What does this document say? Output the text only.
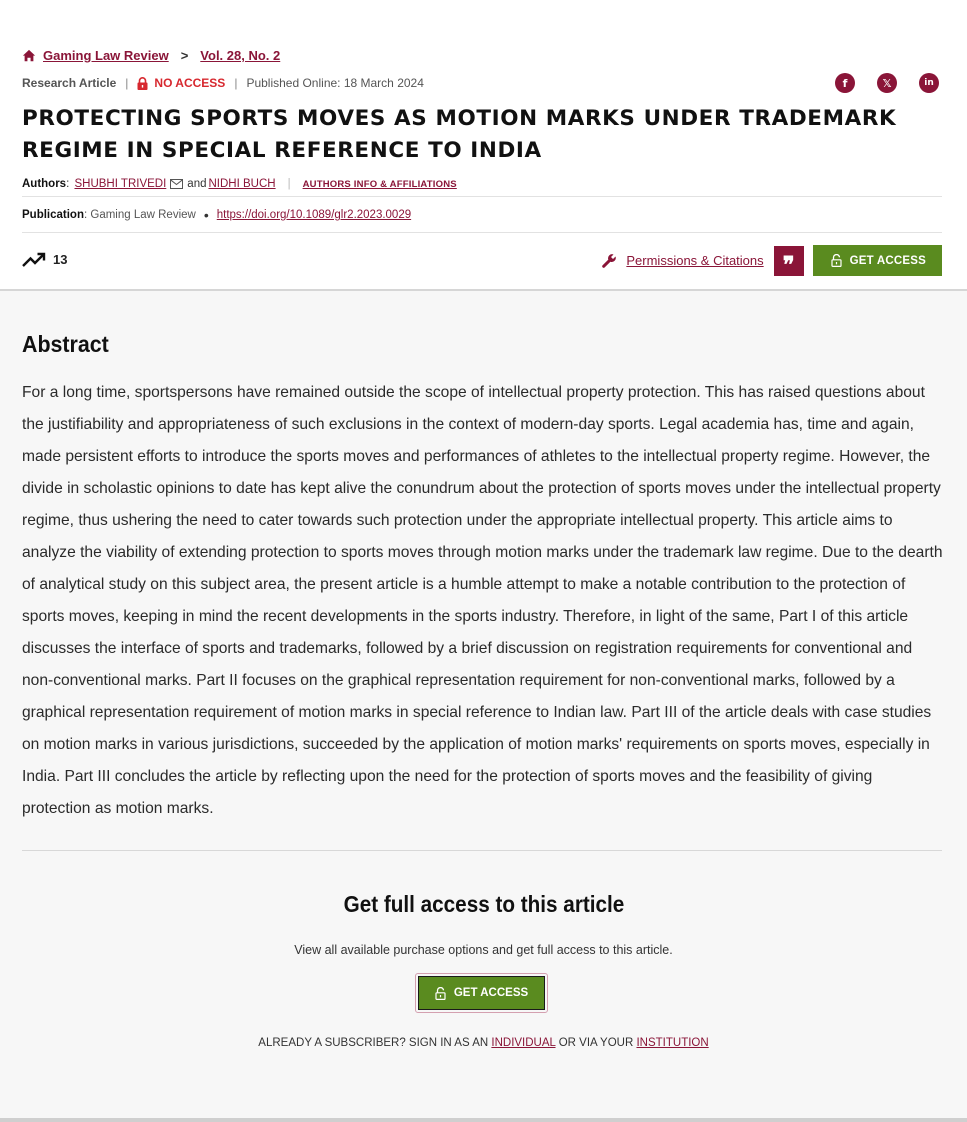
Gaming Law Review > Vol. 28, No. 2
Research Article | NO ACCESS | Published Online: 18 March 2024	f	𝕏	in
PROTECTING SPORTS MOVES AS MOTION MARKS UNDER TRADEMARK REGIME IN SPECIAL REFERENCE TO INDIA
Authors : SHUBHI TRIVEDI and NIDHI BUCH | AUTHORS INFO & AFFILIATIONS
Publication : Gaming Law Review • https://doi.org/10.1089/glr2.2023.0029
13	Permissions & Citations ❞	GET ACCESS
Abstract

For a long time, sportspersons have remained outside the scope of intellectual property protection. This has raised questions about the justifiability and appropriateness of such exclusions in the context of modern-day sports. Legal academia has, time and again, made persistent efforts to introduce the sports moves and performances of athletes to the intellectual property regime. However, the divide in scholastic opinions to date has kept alive the conundrum about the protection of sports moves under the intellectual property regime, thus ushering the need to cater towards such protection under the appropriate intellectual property. This article aims to analyze the viability of extending protection to sports moves through motion marks under the trademark law regime. Due to the dearth of analytical study on this subject area, the present article is a humble attempt to make a notable contribution to the protection of sports moves, keeping in mind the recent developments in the sports industry. Therefore, in light of the same, Part I of this article discusses the interface of sports and trademarks, followed by a brief discussion on registration requirements for conventional and non-conventional marks. Part II focuses on the graphical representation requirement for non-conventional marks, followed by a graphical representation requirement of motion marks in special reference to Indian law. Part III of the article deals with case studies on motion marks in various jurisdictions, succeeded by the application of motion marks' requirements on sports moves, especially in India. Part III concludes the article by reflecting upon the need for the protection of sports moves and the feasibility of giving protection as motion marks.

Get full access to this article

View all available purchase options and get full access to this article.

GET ACCESS

ALREADY A SUBSCRIBER? SIGN IN AS AN INDIVIDUAL OR VIA YOUR INSTITUTION
